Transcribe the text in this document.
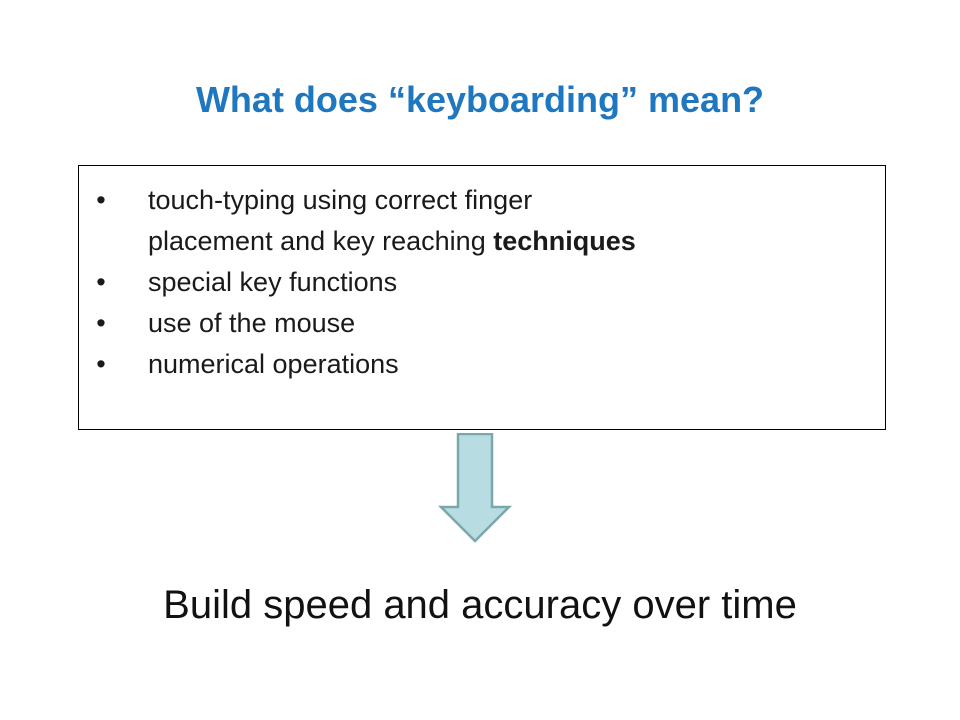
What does “keyboarding” mean?
• touch-typing using correct finger
placement and key reaching techniques
• special key functions
• use of the mouse
• numerical operations
Build speed and accuracy over time
